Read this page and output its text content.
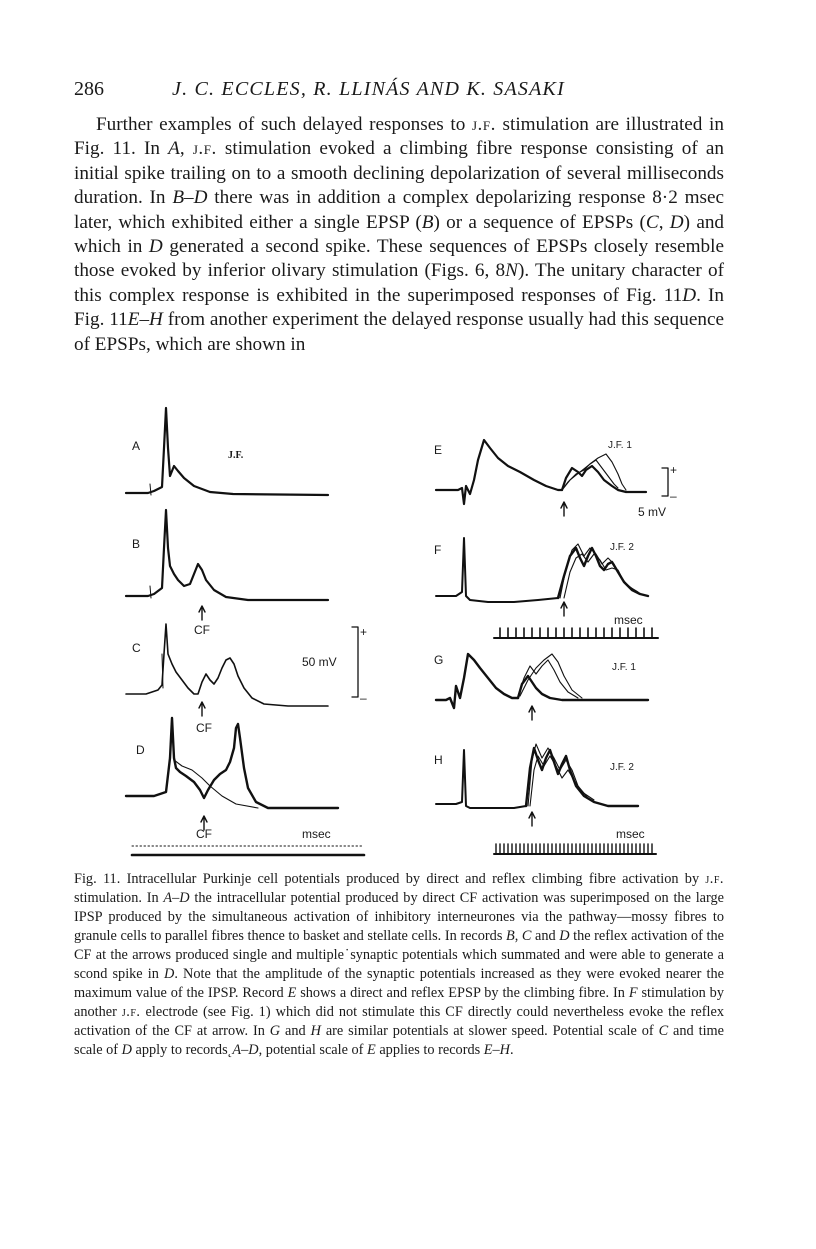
286	J. C. ECCLES, R. LLINÁS AND K. SASAKI

Further examples of such delayed responses to j.f. stimulation are illustrated in Fig. 11. In A, j.f. stimulation evoked a climbing fibre response consisting of an initial spike trailing on to a smooth declining depolarization of several milliseconds duration. In B–D there was in addition a complex depolarizing response 8·2 msec later, which exhibited either a single EPSP (B) or a sequence of EPSPs (C, D) and which in D generated a second spike. These sequences of EPSPs closely resemble those evoked by inferior olivary stimulation (Figs. 6, 8N). The unitary character of this complex response is exhibited in the superimposed responses of Fig. 11D. In Fig. 11E–H from another experiment the delayed response usually had this sequence of EPSPs, which are shown in

A
B
C
D
E
F
G
H
J.F.
J.F. 1
J.F. 2
J.F. 1
J.F. 2
CF
CF
CF
50 mV
+
–
5 mV
+
–
msec
msec
msec

Fig. 11. Intracellular Purkinje cell potentials produced by direct and reflex climbing fibre activation by j.f. stimulation. In A–D the intracellular potential produced by direct CF activation was superimposed on the large IPSP produced by the simultaneous activation of inhibitory interneurones via the pathway—mossy fibres to granule cells to parallel fibres thence to basket and stellate cells. In records B, C and D the reflex activation of the CF at the arrows produced single and multiple˙synaptic potentials which summated and were able to generate a scond spike in D. Note that the amplitude of the synaptic potentials increased as they were evoked nearer the maximum value of the IPSP. Record E shows a direct and reflex EPSP by the climbing fibre. In F stimulation by another j.f. electrode (see Fig. 1) which did not stimulate this CF directly could nevertheless evoke the reflex activation of the CF at arrow. In G and H are similar potentials at slower speed. Potential scale of C and time scale of D apply to records˛A–D, potential scale of E applies to records E–H.
